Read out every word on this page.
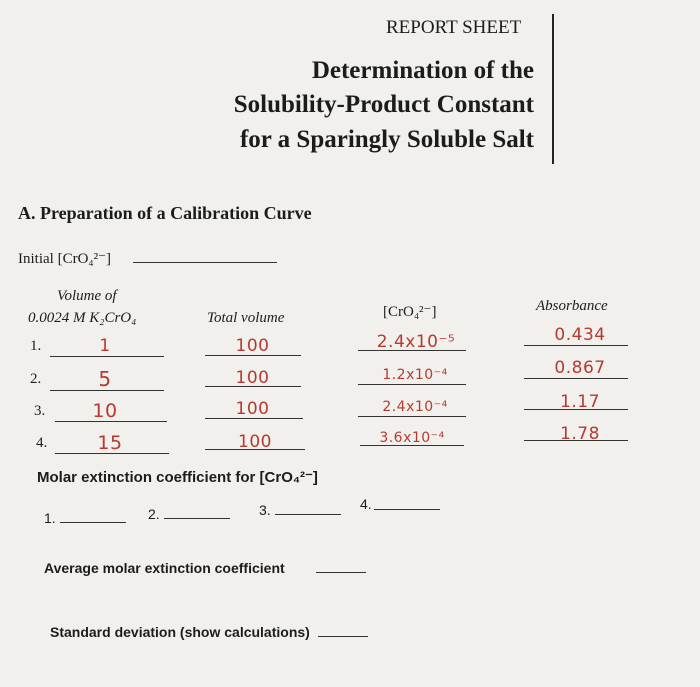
REPORT SHEET
Determination of the
Solubility-Product Constant
for a Sparingly Soluble Salt
A. Preparation of a Calibration Curve
Initial [CrO₄²⁻]
Volume of
0.0024 M K₂CrO₄	Total volume	[CrO₄²⁻]	Absorbance
1.	1	100	2.4x10⁻⁵	0.434
2.	5	100	1.2x10⁻⁴	0.867
3.	10	100	2.4x10⁻⁴	1.17
4.	15	100	3.6x10⁻⁴	1.78
Molar extinction coefficient for [CrO₄²⁻]
1.	2.	3.	4.
Average molar extinction coefficient
Standard deviation (show calculations)
